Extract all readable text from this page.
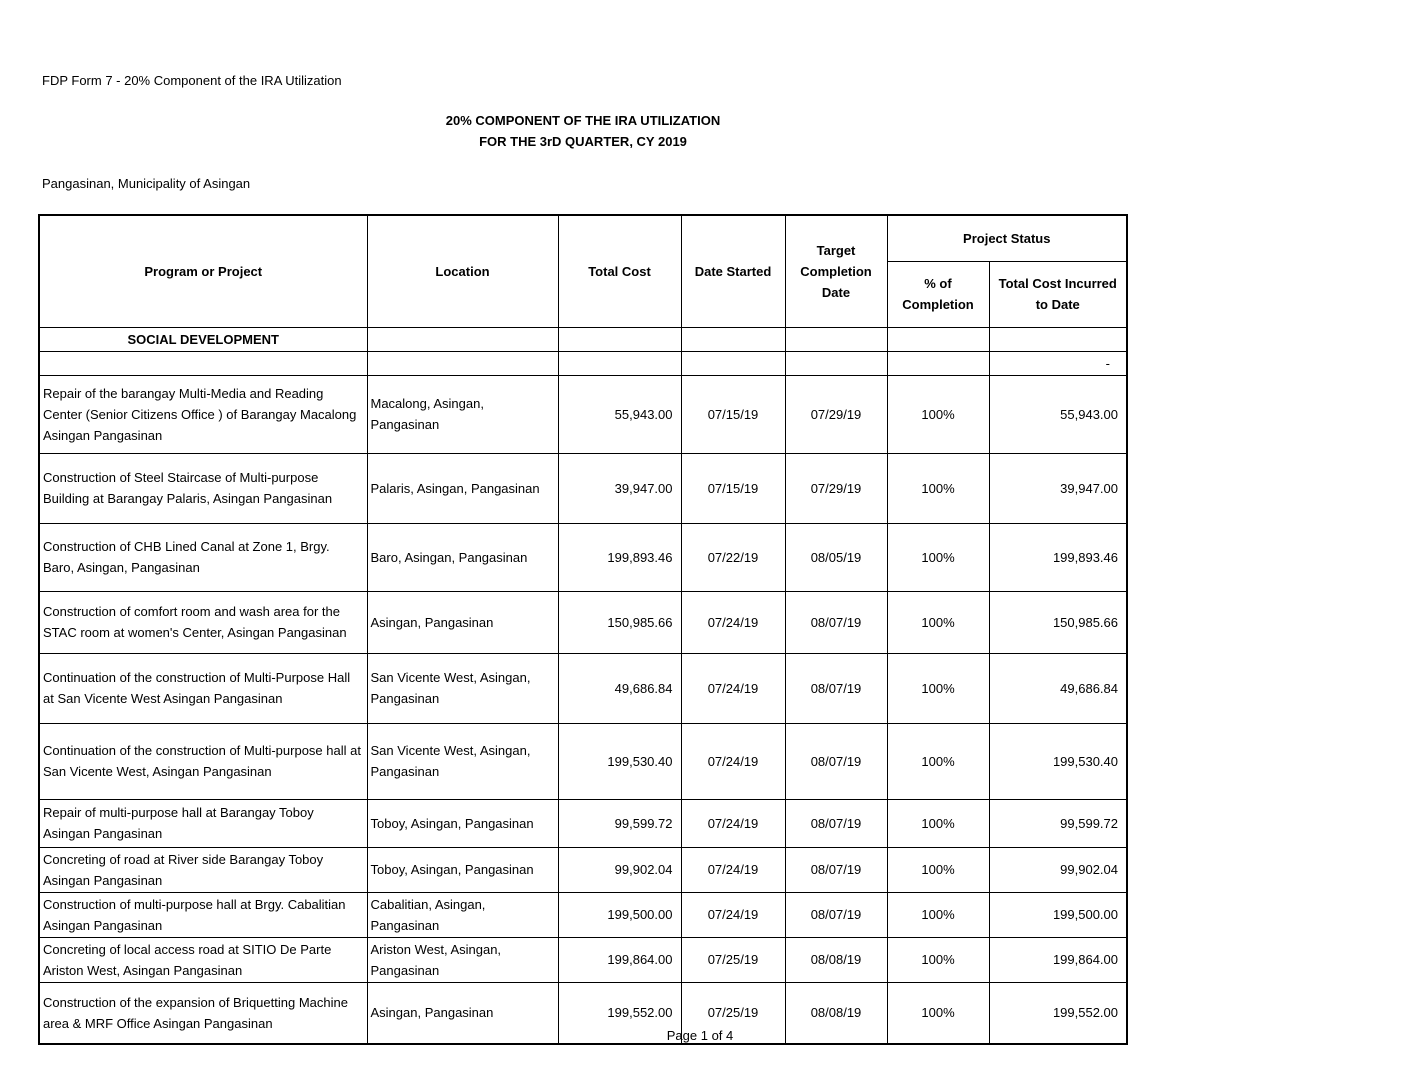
FDP Form 7 - 20% Component of the IRA Utilization
20% COMPONENT OF THE IRA UTILIZATION
FOR THE 3rD QUARTER, CY 2019
Pangasinan, Municipality of Asingan
Program or Project	Location	Total Cost	Date Started	Target Completion Date	Project Status	
					% of Completion	Total Cost Incurred to Date
SOCIAL DEVELOPMENT						
						-
Repair of the barangay Multi-Media and Reading Center (Senior Citizens Office ) of Barangay Macalong Asingan Pangasinan	Macalong, Asingan, Pangasinan	55,943.00	07/15/19	07/29/19	100%	55,943.00
Construction of Steel Staircase of Multi-purpose Building at Barangay Palaris, Asingan Pangasinan	Palaris, Asingan, Pangasinan	39,947.00	07/15/19	07/29/19	100%	39,947.00
Construction of CHB Lined Canal at Zone 1, Brgy. Baro, Asingan, Pangasinan	Baro, Asingan, Pangasinan	199,893.46	07/22/19	08/05/19	100%	199,893.46
Construction of comfort room and wash area for the STAC room at women's Center, Asingan Pangasinan	Asingan, Pangasinan	150,985.66	07/24/19	08/07/19	100%	150,985.66
Continuation of the construction of Multi-Purpose Hall at San Vicente West Asingan Pangasinan	San Vicente West, Asingan, Pangasinan	49,686.84	07/24/19	08/07/19	100%	49,686.84
Continuation of the construction of Multi-purpose hall at San Vicente West, Asingan Pangasinan	San Vicente West, Asingan, Pangasinan	199,530.40	07/24/19	08/07/19	100%	199,530.40
Repair of multi-purpose hall at Barangay Toboy Asingan Pangasinan	Toboy, Asingan, Pangasinan	99,599.72	07/24/19	08/07/19	100%	99,599.72
Concreting of road at River side Barangay Toboy Asingan Pangasinan	Toboy, Asingan, Pangasinan	99,902.04	07/24/19	08/07/19	100%	99,902.04
Construction of multi-purpose hall at Brgy. Cabalitian Asingan Pangasinan	Cabalitian, Asingan, Pangasinan	199,500.00	07/24/19	08/07/19	100%	199,500.00
Concreting of local access road at SITIO De Parte Ariston West, Asingan Pangasinan	Ariston West, Asingan, Pangasinan	199,864.00	07/25/19	08/08/19	100%	199,864.00
Construction of the expansion of Briquetting Machine area & MRF Office Asingan Pangasinan	Asingan, Pangasinan	199,552.00	07/25/19	08/08/19	100%	199,552.00
Page 1 of 4
